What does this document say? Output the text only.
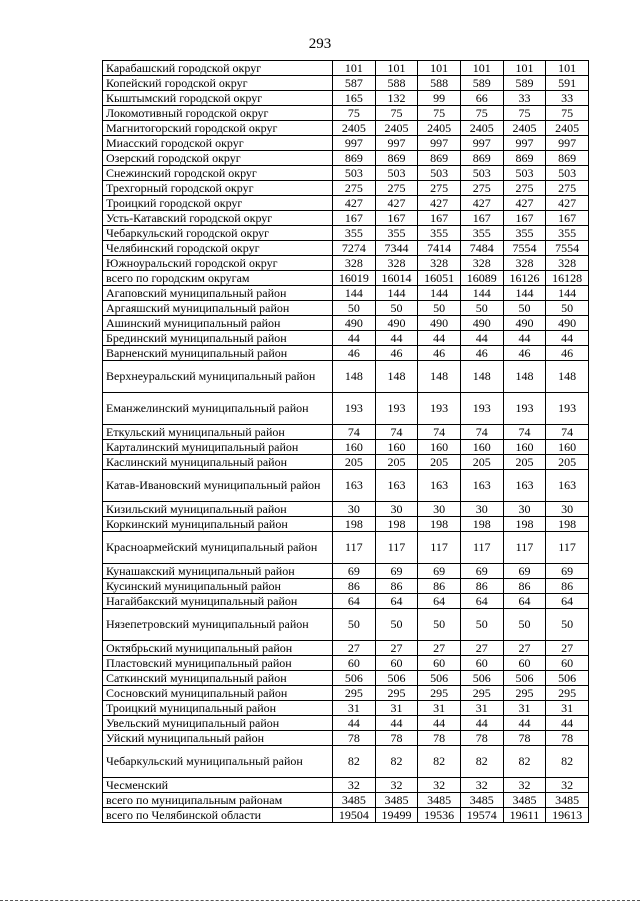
293
Карабашский городской округ	101	101	101	101	101	101
Копейский городской округ	587	588	588	589	589	591
Кыштымский городской округ	165	132	99	66	33	33
Локомотивный городской округ	75	75	75	75	75	75
Магнитогорский городской округ	2405	2405	2405	2405	2405	2405
Миасский городской округ	997	997	997	997	997	997
Озерский городской округ	869	869	869	869	869	869
Снежинский городской округ	503	503	503	503	503	503
Трехгорный городской округ	275	275	275	275	275	275
Троицкий городской округ	427	427	427	427	427	427
Усть-Катавский городской округ	167	167	167	167	167	167
Чебаркульский городской округ	355	355	355	355	355	355
Челябинский городской округ	7274	7344	7414	7484	7554	7554
Южноуральский городской округ	328	328	328	328	328	328
всего по городским округам	16019	16014	16051	16089	16126	16128
Агаповский муниципальный район	144	144	144	144	144	144
Аргаяшский муниципальный район	50	50	50	50	50	50
Ашинский муниципальный район	490	490	490	490	490	490
Брединский муниципальный район	44	44	44	44	44	44
Варненский муниципальный район	46	46	46	46	46	46
Верхнеуральский муниципальный район	148	148	148	148	148	148
Еманжелинский муниципальный район	193	193	193	193	193	193
Еткульский муниципальный район	74	74	74	74	74	74
Карталинский муниципальный район	160	160	160	160	160	160
Каслинский муниципальный район	205	205	205	205	205	205
Катав-Ивановский муниципальный район	163	163	163	163	163	163
Кизильский муниципальный район	30	30	30	30	30	30
Коркинский муниципальный район	198	198	198	198	198	198
Красноармейский муниципальный район	117	117	117	117	117	117
Кунашакский муниципальный район	69	69	69	69	69	69
Кусинский муниципальный район	86	86	86	86	86	86
Нагайбакский муниципальный район	64	64	64	64	64	64
Нязепетровский муниципальный район	50	50	50	50	50	50
Октябрьский муниципальный район	27	27	27	27	27	27
Пластовский муниципальный район	60	60	60	60	60	60
Саткинский муниципальный район	506	506	506	506	506	506
Сосновский муниципальный район	295	295	295	295	295	295
Троицкий муниципальный район	31	31	31	31	31	31
Увельский муниципальный район	44	44	44	44	44	44
Уйский муниципальный район	78	78	78	78	78	78
Чебаркульский муниципальный район	82	82	82	82	82	82
Чесменский	32	32	32	32	32	32
всего по муниципальным районам	3485	3485	3485	3485	3485	3485
всего по Челябинской области	19504	19499	19536	19574	19611	19613
